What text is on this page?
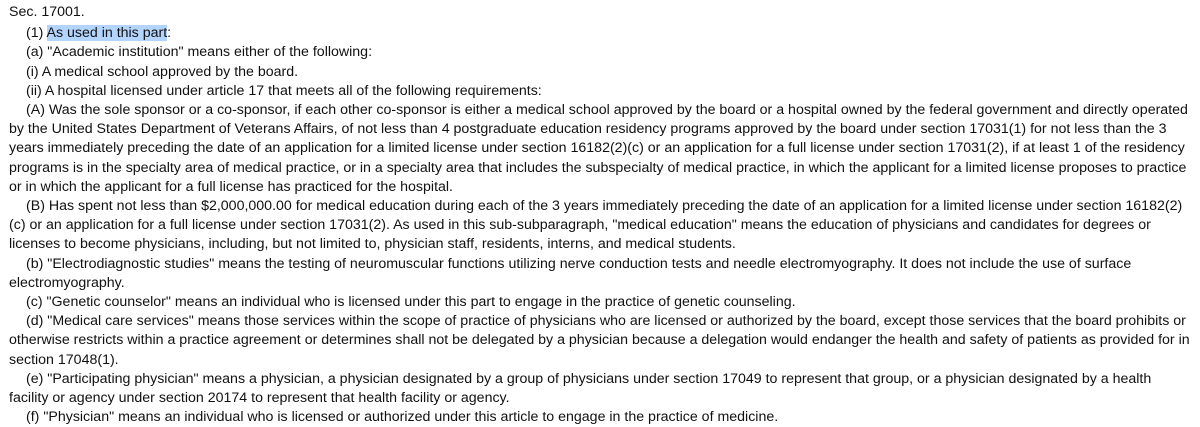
Sec. 17001.

(1) As used in this part:

(a) "Academic institution" means either of the following:

(i) A medical school approved by the board.

(ii) A hospital licensed under article 17 that meets all of the following requirements:

(A) Was the sole sponsor or a co-sponsor, if each other co-sponsor is either a medical school approved by the board or a hospital owned by the federal government and directly operated by the United States Department of Veterans Affairs, of not less than 4 postgraduate education residency programs approved by the board under section 17031(1) for not less than the 3 years immediately preceding the date of an application for a limited license under section 16182(2)(c) or an application for a full license under section 17031(2), if at least 1 of the residency programs is in the specialty area of medical practice, or in a specialty area that includes the subspecialty of medical practice, in which the applicant for a limited license proposes to practice or in which the applicant for a full license has practiced for the hospital.

(B) Has spent not less than $2,000,000.00 for medical education during each of the 3 years immediately preceding the date of an application for a limited license under section 16182(2)(c) or an application for a full license under section 17031(2). As used in this sub-subparagraph, "medical education" means the education of physicians and candidates for degrees or licenses to become physicians, including, but not limited to, physician staff, residents, interns, and medical students.

(b) "Electrodiagnostic studies" means the testing of neuromuscular functions utilizing nerve conduction tests and needle electromyography. It does not include the use of surface electromyography.

(c) "Genetic counselor" means an individual who is licensed under this part to engage in the practice of genetic counseling.

(d) "Medical care services" means those services within the scope of practice of physicians who are licensed or authorized by the board, except those services that the board prohibits or otherwise restricts within a practice agreement or determines shall not be delegated by a physician because a delegation would endanger the health and safety of patients as provided for in section 17048(1).

(e) "Participating physician" means a physician, a physician designated by a group of physicians under section 17049 to represent that group, or a physician designated by a health facility or agency under section 20174 to represent that health facility or agency.

(f) "Physician" means an individual who is licensed or authorized under this article to engage in the practice of medicine.
